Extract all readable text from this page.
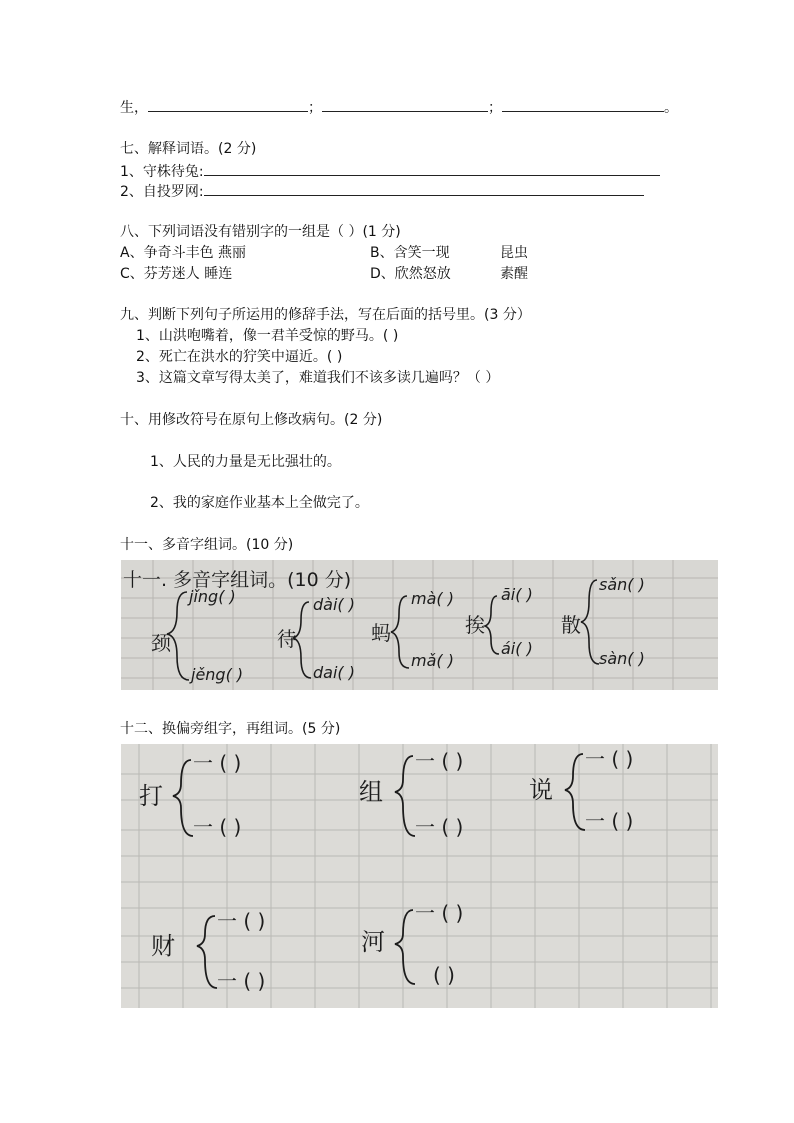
生，	；	；	。
七、解释词语。(2 分)
1、守株待兔:
2、自投罗网:
八、下列词语没有错别字的一组是（ ）(1 分)
A、争奇斗丰色 燕丽	B、含笑一现	昆虫
C、芬芳迷人 睡连	D、欣然怒放	素醒
九、判断下列句子所运用的修辞手法，写在后面的括号里。(3 分）
1、山洪咆嘴着，像一君羊受惊的野马。( )
2、死亡在洪水的狞笑中逼近。( )
3、这篇文章写得太美了，难道我们不该多读几遍吗？（ ）
十、用修改符号在原句上修改病句。(2 分)
1、人民的力量是无比强壮的。
2、我的家庭作业基本上全做完了。
十一、多音字组词。(10 分)
十一. 多音字组词。(10 分)
颈
jǐng( )
jěng( )
待
dài( )
dai( )
蚂
mà( )
mǎ( )
挨
āi( )
ái( )
散
sǎn( )
sàn( )
十二、换偏旁组字，再组词。(5 分)
打
一 ( )
一 ( )
组
一 ( )
一 ( )
说
一 ( )
一 ( )
财
一 ( )
一 ( )
河
一 ( )
( )
